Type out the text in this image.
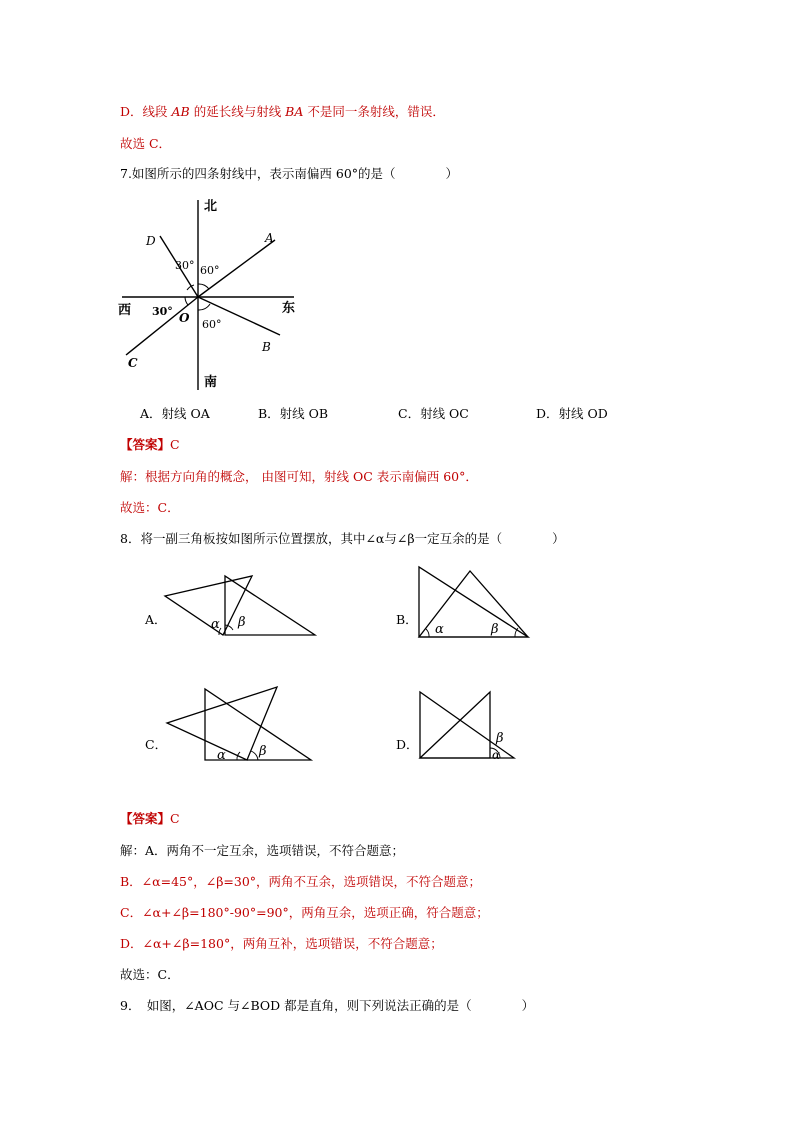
D．线段 AB 的延长线与射线 BA 不是同一条射线，错误．
故选 C．
7.如图所示的四条射线中，表示南偏西 60°的是（　　　　）
北
南
东
西
A
B
C
D
O
30° 60°
30°
60°
A．射线 OA	B．射线 OB	C．射线 OC	D．射线 OD
【答案】C
解：根据方向角的概念， 由图可知，射线 OC 表示南偏西 60°．
故选：C．
8．将一副三角板按如图所示位置摆放，其中∠α与∠β一定互余的是（　　　　）
A．	α β	B．
α	β
C．
α	β	D．	β
α
【答案】C
解：A．两角不一定互余，选项错误，不符合题意；
B．∠α=45°，∠β=30°，两角不互余，选项错误，不符合题意；
C．∠α+∠β=180°-90°=90°，两角互余，选项正确，符合题意；
D．∠α+∠β=180°，两角互补，选项错误，不符合题意；
故选：C．
9．　如图，∠AOC 与∠BOD 都是直角，则下列说法正确的是（　　　　）
